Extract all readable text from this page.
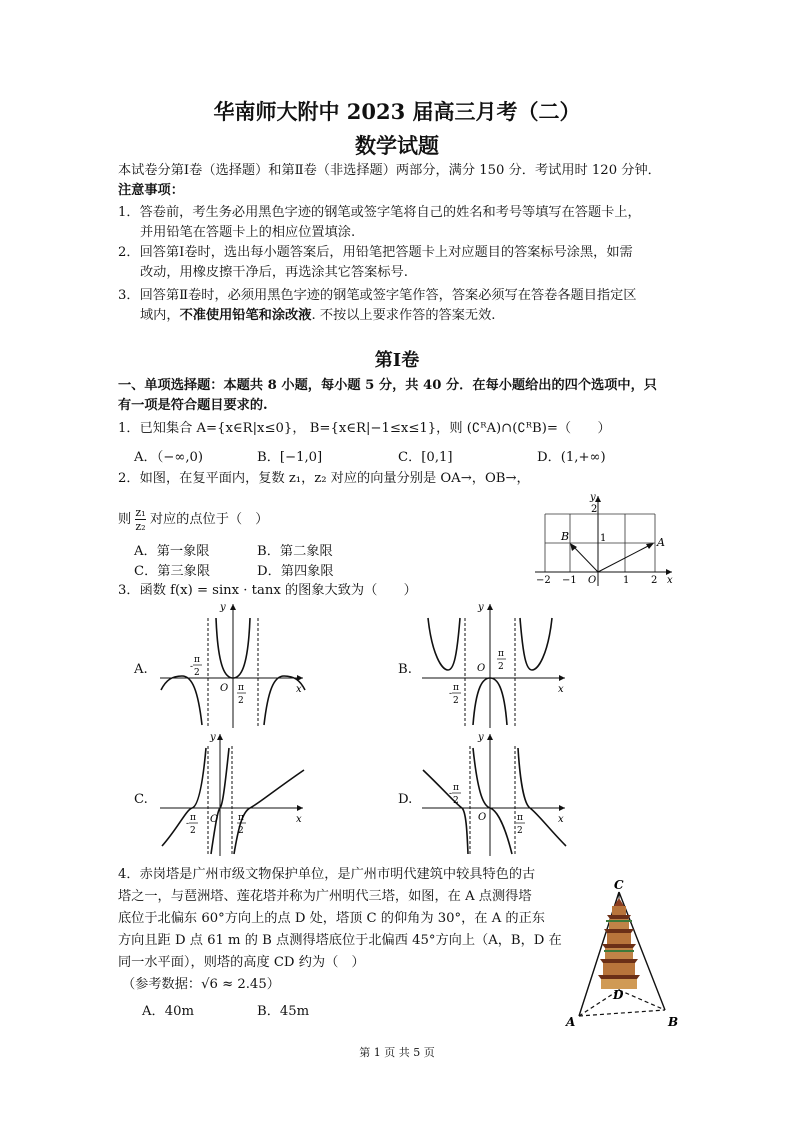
华南师大附中 2023 届高三月考（二）
数学试题
本试卷分第Ⅰ卷（选择题）和第Ⅱ卷（非选择题）两部分，满分 150 分．考试用时 120 分钟．
注意事项：
1．答卷前，考生务必用黑色字迹的钢笔或签字笔将自己的姓名和考号等填写在答题卡上，
并用铅笔在答题卡上的相应位置填涂.
2．回答第Ⅰ卷时，选出每小题答案后，用铅笔把答题卡上对应题目的答案标号涂黑，如需
改动，用橡皮擦干净后，再选涂其它答案标号.
3．回答第Ⅱ卷时，必须用黑色字迹的钢笔或签字笔作答，答案必须写在答卷各题目指定区
域内，不准使用铅笔和涂改液. 不按以上要求作答的答案无效.
第Ⅰ卷
一、单项选择题：本题共 8 小题，每小题 5 分，共 40 分．在每小题给出的四个选项中，只
有一项是符合题目要求的.
1．已知集合 A={x∈R|x≤0}， B={x∈R|−1≤x≤1}，则 (∁ᴿA)∩(∁ᴿB)=（　　）
A．（−∞,0)	B．[−1,0]	C．[0,1]	D．(1,+∞)
2．如图，在复平面内，复数 z₁，z₂ 对应的向量分别是 OA→，OB→，
则 $\frac{\text{z₁}}{\text{z₂}}$ 对应的点位于（　）
A．第一象限	B．第二象限
C．第三象限	D．第四象限
y
2
1
−2 −1 O	1 2 x
A
B
3．函数 f(x) = sinx · tanx 的图象大致为（　　）
A.	B.
C.	D.
y
x
O
-
π
2
π
2
y
x
O
π
2
-
π
2
y
x
O
-
π
2
π
2
y
x
O
-
π
2
π
2
4．赤岗塔是广州市级文物保护单位，是广州市明代建筑中较具特色的古
塔之一，与琶洲塔、莲花塔并称为广州明代三塔，如图，在 A 点测得塔
底位于北偏东 60°方向上的点 D 处，塔顶 C 的仰角为 30°，在 A 的正东
方向且距 D 点 61 m 的 B 点测得塔底位于北偏西 45°方向上（A，B，D 在
同一水平面），则塔的高度 CD 约为（　）
（参考数据：√6 ≈ 2.45）
A．40m	B．45m
C
D
A	B
第 1 页 共 5 页
